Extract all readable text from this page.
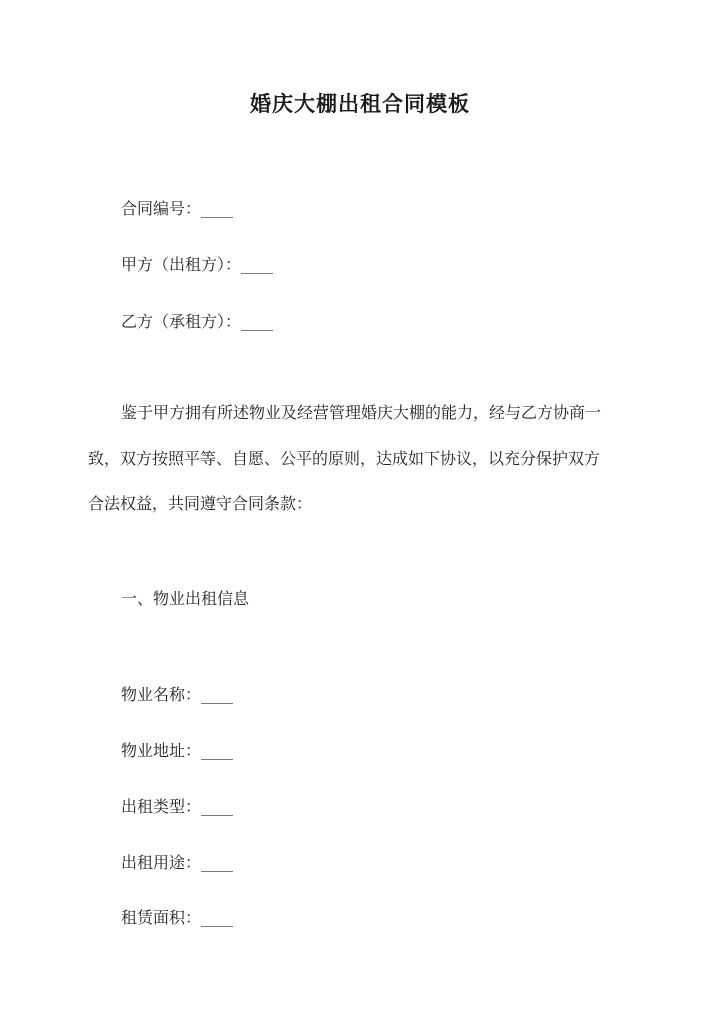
婚庆大棚出租合同模板
合同编号：____
甲方（出租方）：____
乙方（承租方）：____
鉴于甲方拥有所述物业及经营管理婚庆大棚的能力，经与乙方协商一
致，双方按照平等、自愿、公平的原则，达成如下协议，以充分保护双方
合法权益，共同遵守合同条款：
一、物业出租信息
物业名称：____
物业地址：____
出租类型：____
出租用途：____
租赁面积：____
